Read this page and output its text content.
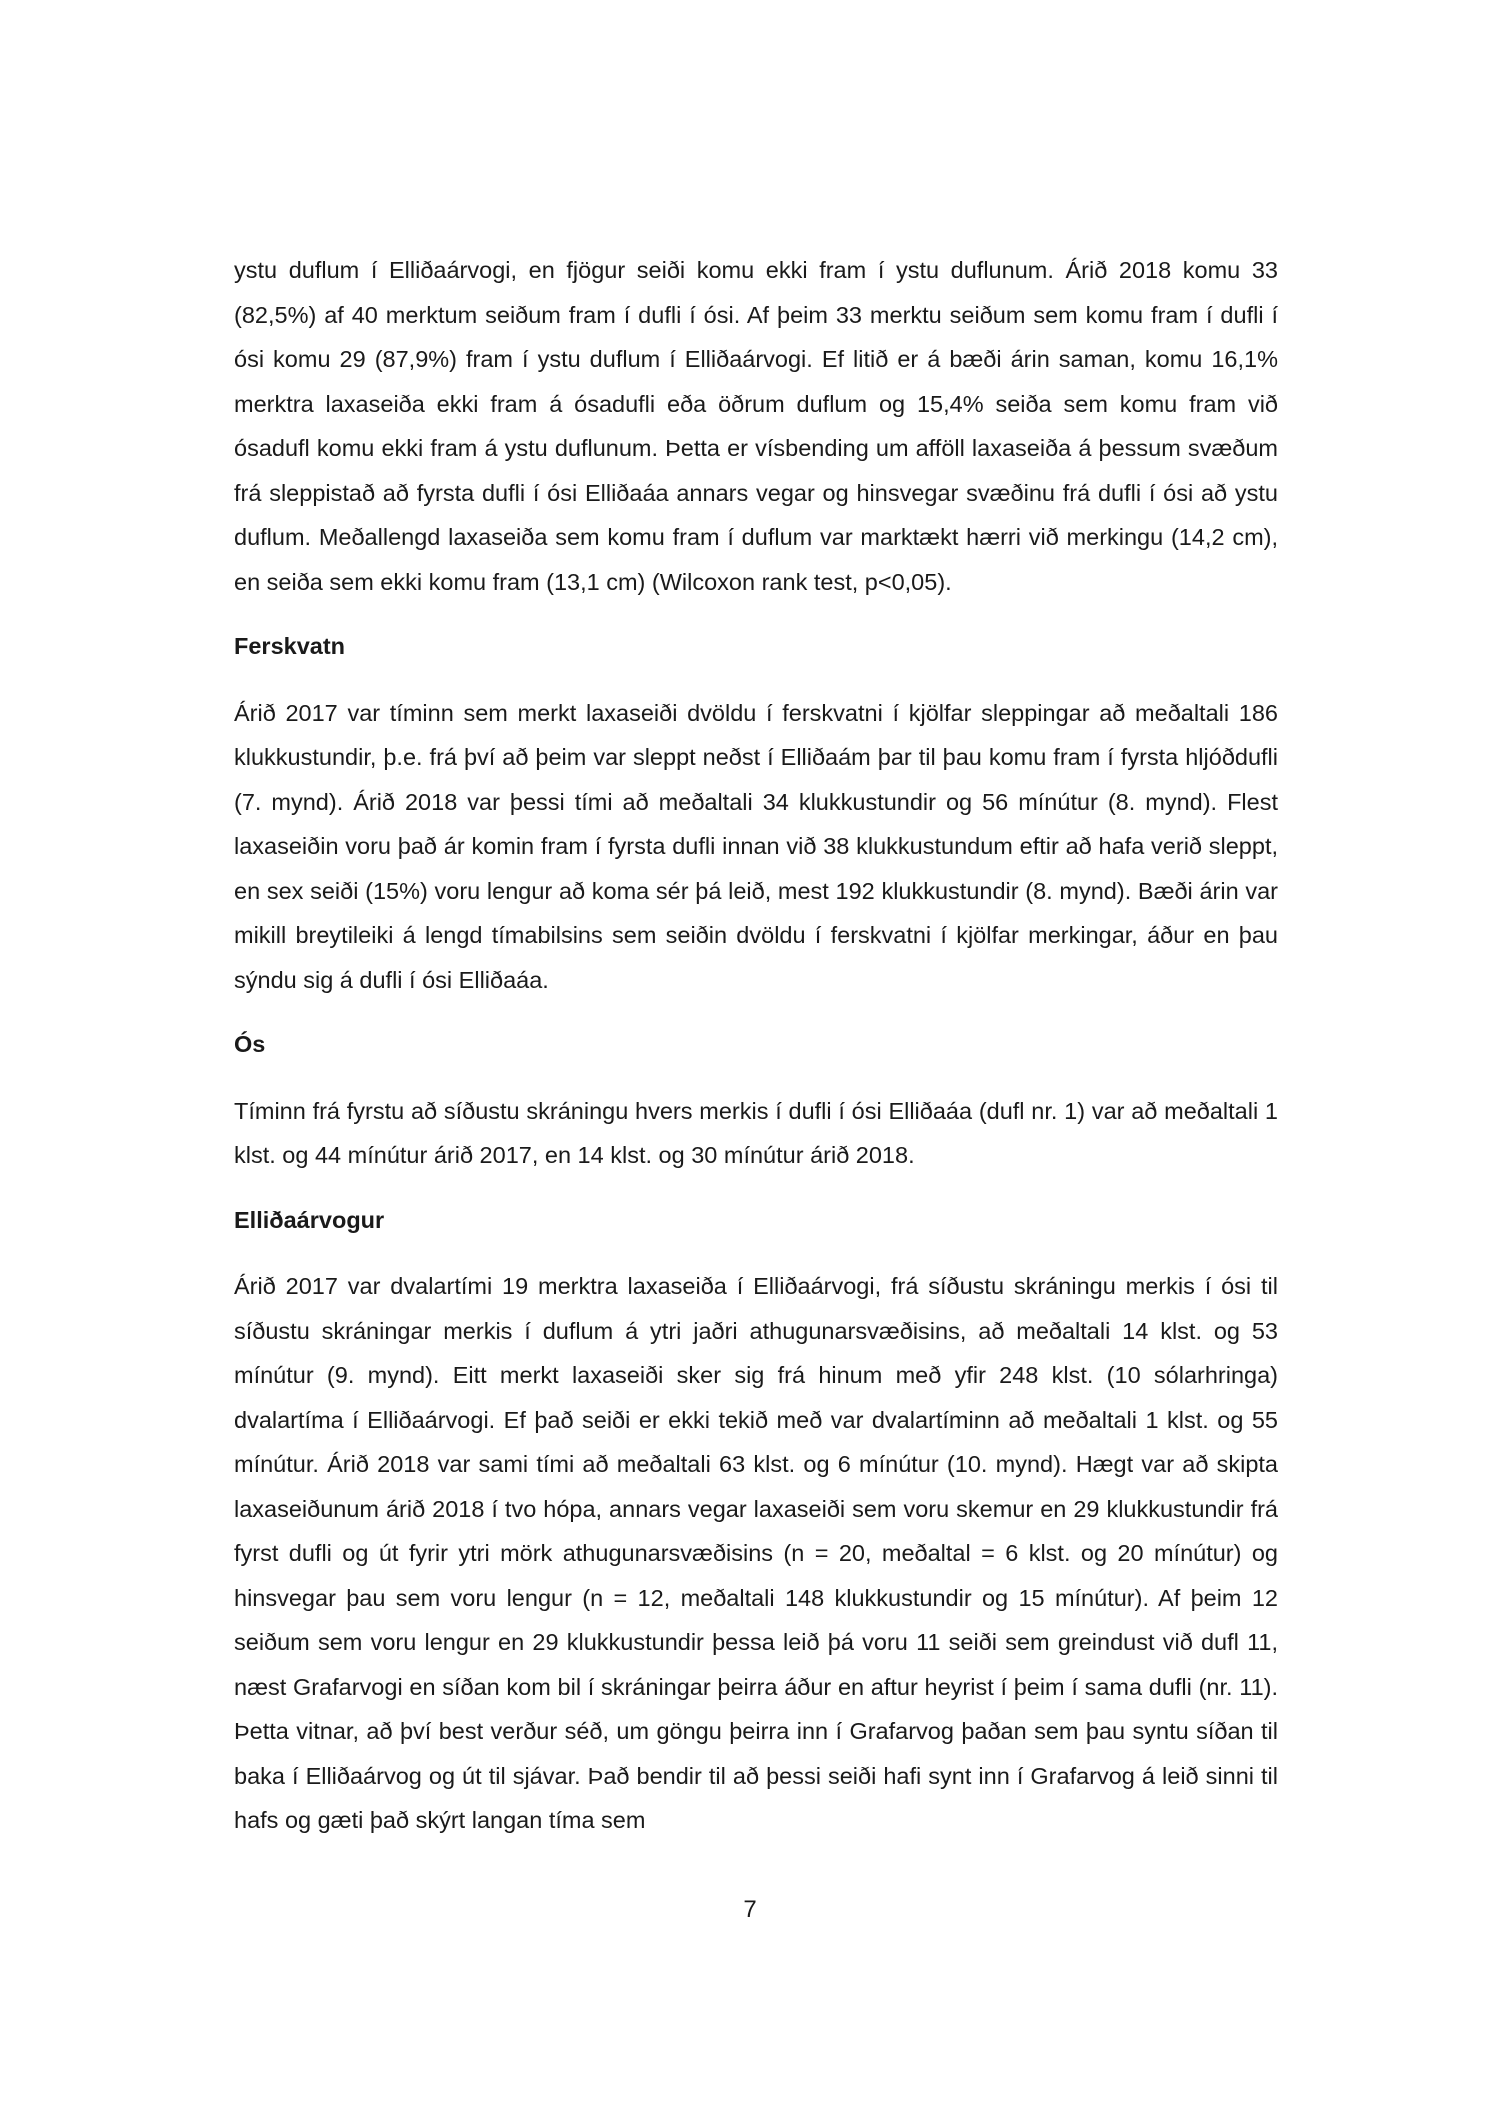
ystu duflum í Elliðaárvogi, en fjögur seiði komu ekki fram í ystu duflunum. Árið 2018 komu 33 (82,5%) af 40 merktum seiðum fram í dufli í ósi. Af þeim 33 merktu seiðum sem komu fram í dufli í ósi komu 29 (87,9%) fram í ystu duflum í Elliðaárvogi. Ef litið er á bæði árin saman, komu 16,1% merktra laxaseiða ekki fram á ósadufli eða öðrum duflum og 15,4% seiða sem komu fram við ósadufl komu ekki fram á ystu duflunum. Þetta er vísbending um afföll laxaseiða á þessum svæðum frá sleppistað að fyrsta dufli í ósi Elliðaáa annars vegar og hinsvegar svæðinu frá dufli í ósi að ystu duflum. Meðallengd laxaseiða sem komu fram í duflum var marktækt hærri við merkingu (14,2 cm), en seiða sem ekki komu fram (13,1 cm) (Wilcoxon rank test, p<0,05).

Ferskvatn

Árið 2017 var tíminn sem merkt laxaseiði dvöldu í ferskvatni í kjölfar sleppingar að meðaltali 186 klukkustundir, þ.e. frá því að þeim var sleppt neðst í Elliðaám þar til þau komu fram í fyrsta hljóðdufli (7. mynd). Árið 2018 var þessi tími að meðaltali 34 klukkustundir og 56 mínútur (8. mynd). Flest laxaseiðin voru það ár komin fram í fyrsta dufli innan við 38 klukkustundum eftir að hafa verið sleppt, en sex seiði (15%) voru lengur að koma sér þá leið, mest 192 klukkustundir (8. mynd). Bæði árin var mikill breytileiki á lengd tímabilsins sem seiðin dvöldu í ferskvatni í kjölfar merkingar, áður en þau sýndu sig á dufli í ósi Elliðaáa.

Ós

Tíminn frá fyrstu að síðustu skráningu hvers merkis í dufli í ósi Elliðaáa (dufl nr. 1) var að meðaltali 1 klst. og 44 mínútur árið 2017, en 14 klst. og 30 mínútur árið 2018.

Elliðaárvogur

Árið 2017 var dvalartími 19 merktra laxaseiða í Elliðaárvogi, frá síðustu skráningu merkis í ósi til síðustu skráningar merkis í duflum á ytri jaðri athugunarsvæðisins, að meðaltali 14 klst. og 53 mínútur (9. mynd). Eitt merkt laxaseiði sker sig frá hinum með yfir 248 klst. (10 sólarhringa) dvalartíma í Elliðaárvogi. Ef það seiði er ekki tekið með var dvalartíminn að meðaltali 1 klst. og 55 mínútur. Árið 2018 var sami tími að meðaltali 63 klst. og 6 mínútur (10. mynd). Hægt var að skipta laxaseiðunum árið 2018 í tvo hópa, annars vegar laxaseiði sem voru skemur en 29 klukkustundir frá fyrst dufli og út fyrir ytri mörk athugunarsvæðisins (n = 20, meðaltal = 6 klst. og 20 mínútur) og hinsvegar þau sem voru lengur (n = 12, meðaltali 148 klukkustundir og 15 mínútur). Af þeim 12 seiðum sem voru lengur en 29 klukkustundir þessa leið þá voru 11 seiði sem greindust við dufl 11, næst Grafarvogi en síðan kom bil í skráningar þeirra áður en aftur heyrist í þeim í sama dufli (nr. 11). Þetta vitnar, að því best verður séð, um göngu þeirra inn í Grafarvog þaðan sem þau syntu síðan til baka í Elliðaárvog og út til sjávar. Það bendir til að þessi seiði hafi synt inn í Grafarvog á leið sinni til hafs og gæti það skýrt langan tíma sem

7
